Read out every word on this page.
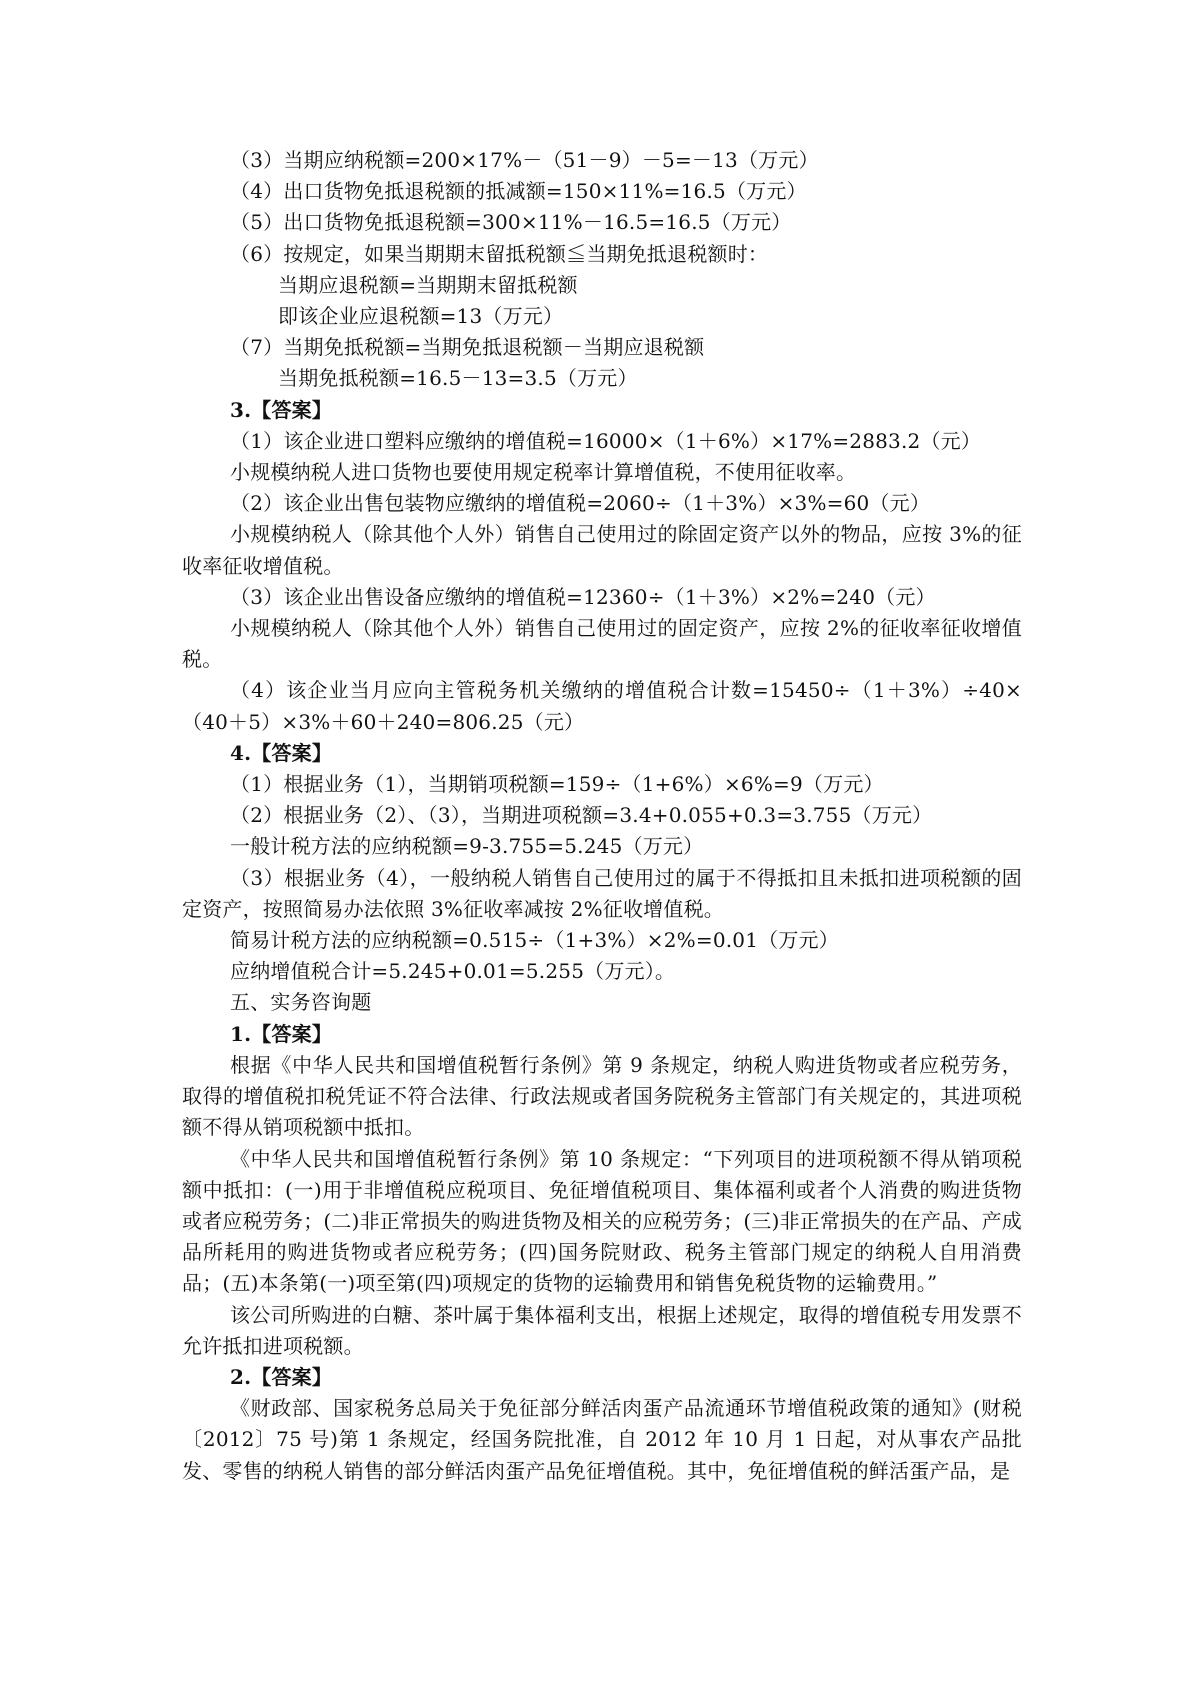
（3）当期应纳税额=200×17%－（51－9）－5=－13（万元）

（4）出口货物免抵退税额的抵减额=150×11%=16.5（万元）

（5）出口货物免抵退税额=300×11%－16.5=16.5（万元）

（6）按规定，如果当期期末留抵税额≦当期免抵退税额时：

当期应退税额=当期期末留抵税额

即该企业应退税额=13（万元）

（7）当期免抵税额=当期免抵退税额－当期应退税额

当期免抵税额=16.5－13=3.5（万元）

3.【答案】

（1）该企业进口塑料应缴纳的增值税=16000×（1＋6%）×17%=2883.2（元）

小规模纳税人进口货物也要使用规定税率计算增值税，不使用征收率。

（2）该企业出售包装物应缴纳的增值税=2060÷（1＋3%）×3%=60（元）

小规模纳税人（除其他个人外）销售自己使用过的除固定资产以外的物品，应按 3%的征收率征收增值税。

（3）该企业出售设备应缴纳的增值税=12360÷（1＋3%）×2%=240（元）

小规模纳税人（除其他个人外）销售自己使用过的固定资产，应按 2%的征收率征收增值税。

（4）该企业当月应向主管税务机关缴纳的增值税合计数=15450÷（1＋3%）÷40×（40＋5）×3%＋60＋240=806.25（元）

4.【答案】

（1）根据业务（1），当期销项税额=159÷（1+6%）×6%=9（万元）

（2）根据业务（2）、（3），当期进项税额=3.4+0.055+0.3=3.755（万元）

一般计税方法的应纳税额=9-3.755=5.245（万元）

（3）根据业务（4），一般纳税人销售自己使用过的属于不得抵扣且未抵扣进项税额的固定资产，按照简易办法依照 3%征收率减按 2%征收增值税。

简易计税方法的应纳税额=0.515÷（1+3%）×2%=0.01（万元）

应纳增值税合计=5.245+0.01=5.255（万元）。

五、实务咨询题

1.【答案】

根据《中华人民共和国增值税暂行条例》第 9 条规定，纳税人购进货物或者应税劳务，取得的增值税扣税凭证不符合法律、行政法规或者国务院税务主管部门有关规定的，其进项税额不得从销项税额中抵扣。

《中华人民共和国增值税暂行条例》第 10 条规定：“下列项目的进项税额不得从销项税额中抵扣：(一)用于非增值税应税项目、免征增值税项目、集体福利或者个人消费的购进货物或者应税劳务；(二)非正常损失的购进货物及相关的应税劳务；(三)非正常损失的在产品、产成品所耗用的购进货物或者应税劳务；(四)国务院财政、税务主管部门规定的纳税人自用消费品；(五)本条第(一)项至第(四)项规定的货物的运输费用和销售免税货物的运输费用。”

该公司所购进的白糖、茶叶属于集体福利支出，根据上述规定，取得的增值税专用发票不允许抵扣进项税额。

2.【答案】

《财政部、国家税务总局关于免征部分鲜活肉蛋产品流通环节增值税政策的通知》(财税〔2012〕75 号)第 1 条规定，经国务院批准，自 2012 年 10 月 1 日起，对从事农产品批发、零售的纳税人销售的部分鲜活肉蛋产品免征增值税。其中，免征增值税的鲜活蛋产品，是
